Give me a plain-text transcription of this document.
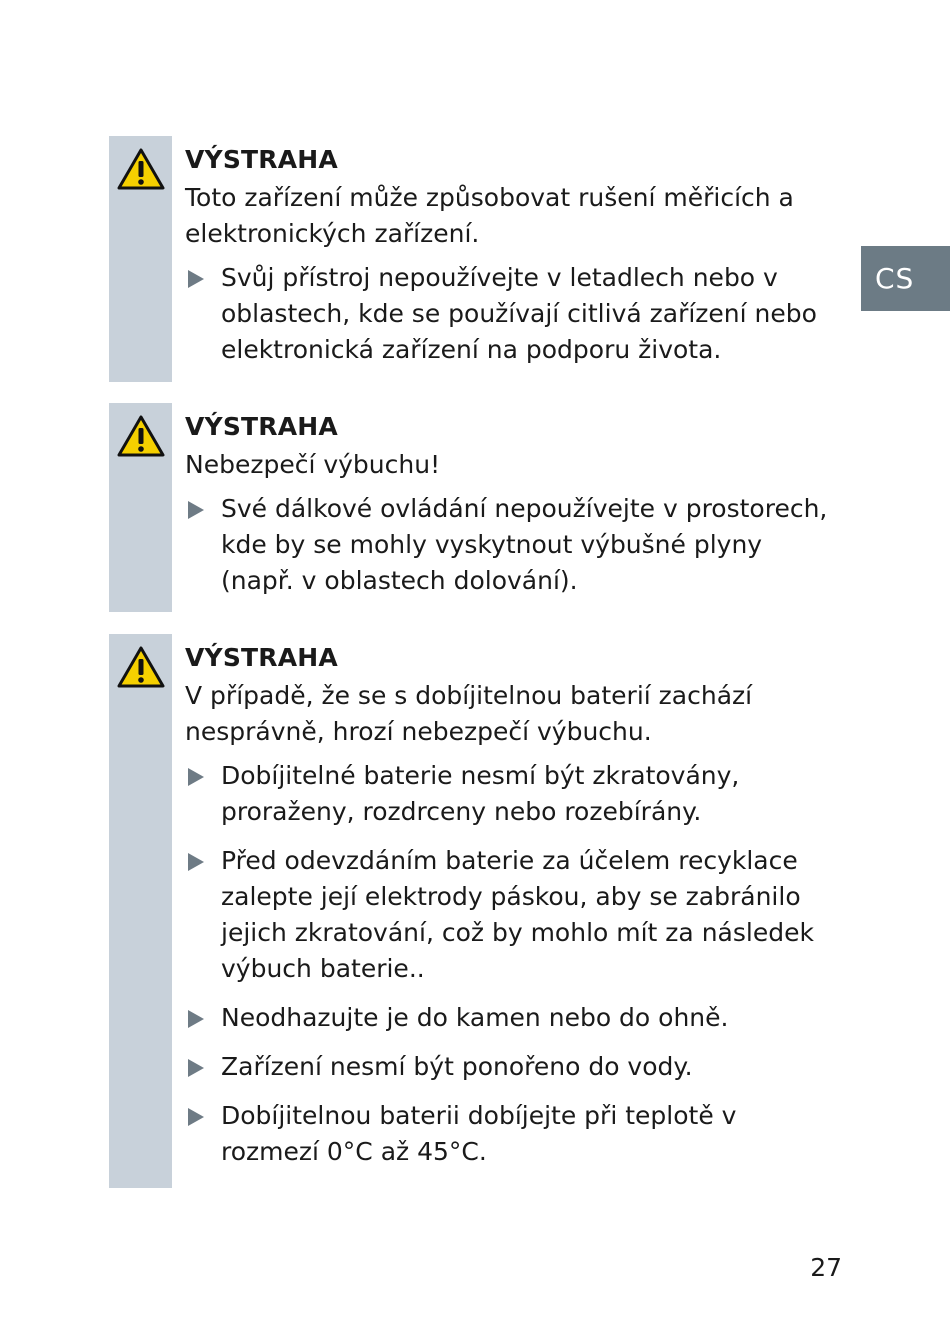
CS
VÝSTRAHA

Toto zařízení může způsobovat rušení měřicích a elektronických zařízení.

Svůj přístroj nepoužívejte v letadlech nebo v oblastech, kde se používají citlivá zařízení nebo elektronická zařízení na podporu života.
VÝSTRAHA

Nebezpečí výbuchu!

Své dálkové ovládání nepoužívejte v prostorech, kde by se mohly vyskytnout výbušné plyny (např. v oblastech dolování).
VÝSTRAHA

V případě, že se s dobíjitelnou baterií zachází nesprávně, hrozí nebezpečí výbuchu.

Dobíjitelné baterie nesmí být zkratovány, proraženy, rozdrceny nebo rozebírány.
Před odevzdáním baterie za účelem recyklace zalepte její elektrody páskou, aby se zabránilo jejich zkratování, což by mohlo mít za následek výbuch baterie..
Neodhazujte je do kamen nebo do ohně.
Zařízení nesmí být ponořeno do vody.
Dobíjitelnou baterii dobíjejte při teplotě v rozmezí 0°C až 45°C.
27
